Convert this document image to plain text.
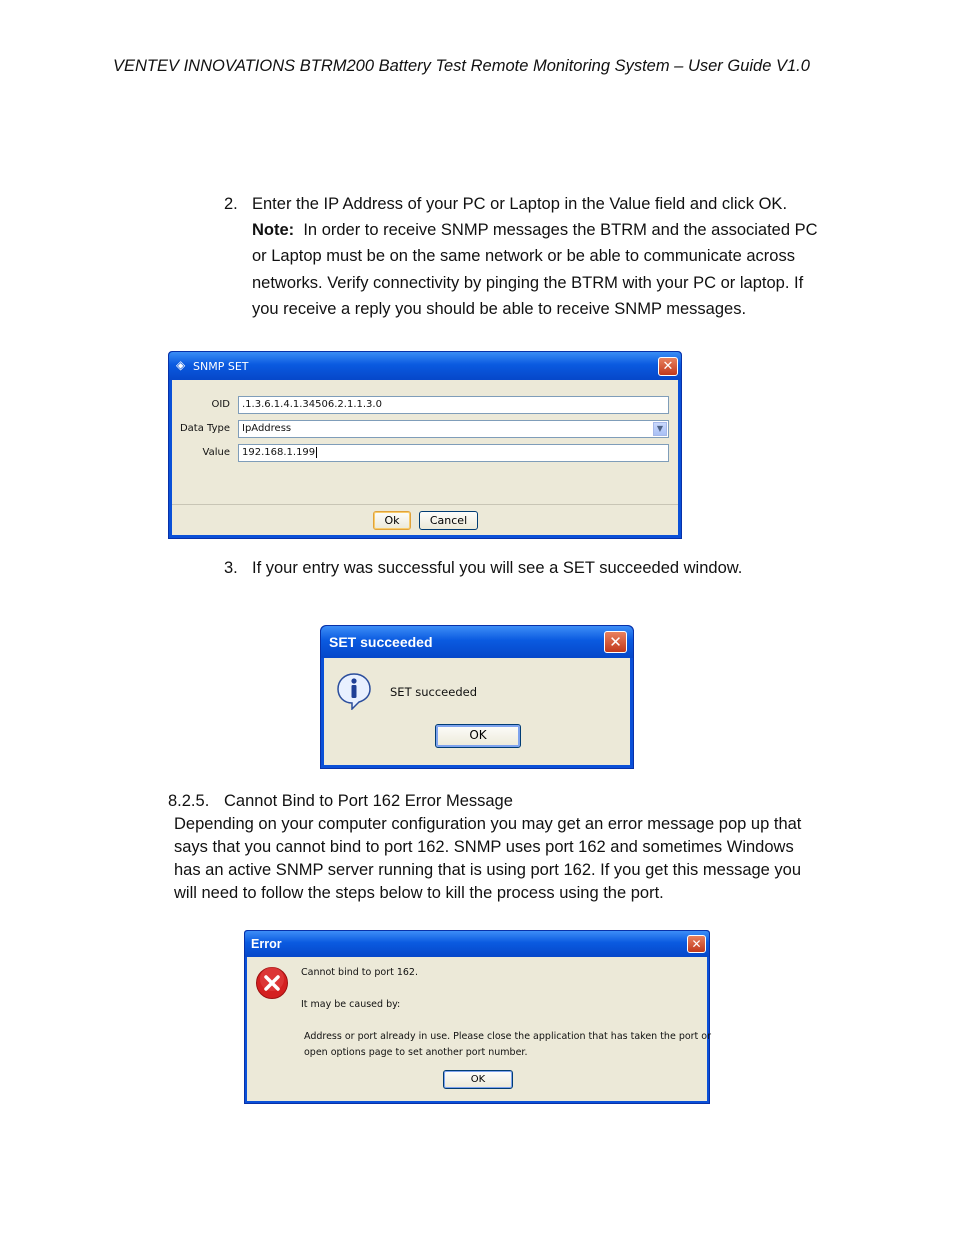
VENTEV INNOVATIONS BTRM200 Battery Test Remote Monitoring System – User Guide V1.0
2. Enter the IP Address of your PC or Laptop in the Value field and click OK.
Note: In order to receive SNMP messages the BTRM and the associated PC
or Laptop must be on the same network or be able to communicate across
networks. Verify connectivity by pinging the BTRM with your PC or laptop. If
you receive a reply you should be able to receive SNMP messages.
◈ SNMP SET	✕
OID	.1.3.6.1.4.1.34506.2.1.1.3.0
Data Type	IpAddress	▼
Value	192.168.1.199
Ok	Cancel
3. If your entry was successful you will see a SET succeeded window.
SET succeeded	✕
SET succeeded
OK
8.2.5. Cannot Bind to Port 162 Error Message
Depending on your computer configuration you may get an error message pop up that
says that you cannot bind to port 162. SNMP uses port 162 and sometimes Windows
has an active SNMP server running that is using port 162. If you get this message you
will need to follow the steps below to kill the process using the port.
Error	✕
Cannot bind to port 162.
It may be caused by:
Address or port already in use. Please close the application that has taken the port or
open options page to set another port number.
OK
